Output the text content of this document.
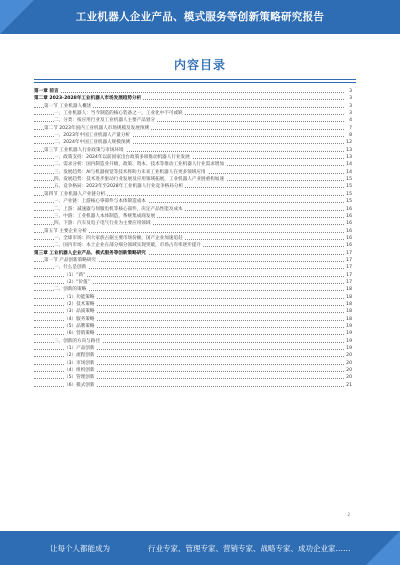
工业机器人企业产品、模式服务等创新策略研究报告
内容目录
第一章 前言	3
第二章 2023-2028年工业机器人市场发展趋势分析	3
第一节 工业机器人概述	3
一、工业机器人：当今制造的核心装备之一，工业化中不可或缺	3
二、分类：按应用行业及工业机器人主要产品划分	4
第二节 2023年国内工业机器人市场规模及发展预测	7
一、2023年中国工业机器人产量分析	8
二、2024年中国工业机器人规模预测	12
第三节 工业机器人行业政策与市场环境	13
一、政策支持：2024年以前国家出台政策多项推动机器人行业发展	13
二、需求分析：国内制造业升级，政策、资本、技术等推动工业机器人行业需求增加	14
三、发展趋势：AI与机器视觉等技术将助力未来工业机器人在更多领域应用	14
四、发展趋势：技术进步驱动行业发展及应用领域拓展，工业机器人产业链重构加速	15
五、竞争格局：2023年至2028年工业机器人行业竞争格局分析	15
第四节 工业机器人产业链分析	15
一、产业链：上游核心零部件与本体制造成本	15
二、上游：减速器与伺服电机等核心部件，决定产品性能及成本	16
三、中游：工业机器人本体制造，系统集成商发展	16
四、下游：汽车及电子电气行业为主要应用领域	16
第五节 主要企业分析	16
一、全球市场：四大家族占据主要市场份额，国产企业加速追赶	16
二、国内市场：本土企业在部分细分领域实现突破，市场占有率逐步提升	16
第三章 工业机器人企业产品、模式服务等创新策略研究	17
第一节 产品创新策略研究	17
一、什么是创新	17
（1）“新”	17
（2）“价值”	17
二、创新的策略	18
（1）功能策略	18
（2）技术策略	18
（3）品质策略	18
（4）服务策略	18
（5）品牌策略	19
（6）营销策略	19
三、创新的方向与路径	19
（1）产品创新	19
（2）流程创新	20
（3）市场创新	20
（4）组织创新	20
（5）管理创新	20
（6）模式创新	21
2
让每个人都能成为	行业专家、管理专家、营销专家、战略专家、成功企业家……
